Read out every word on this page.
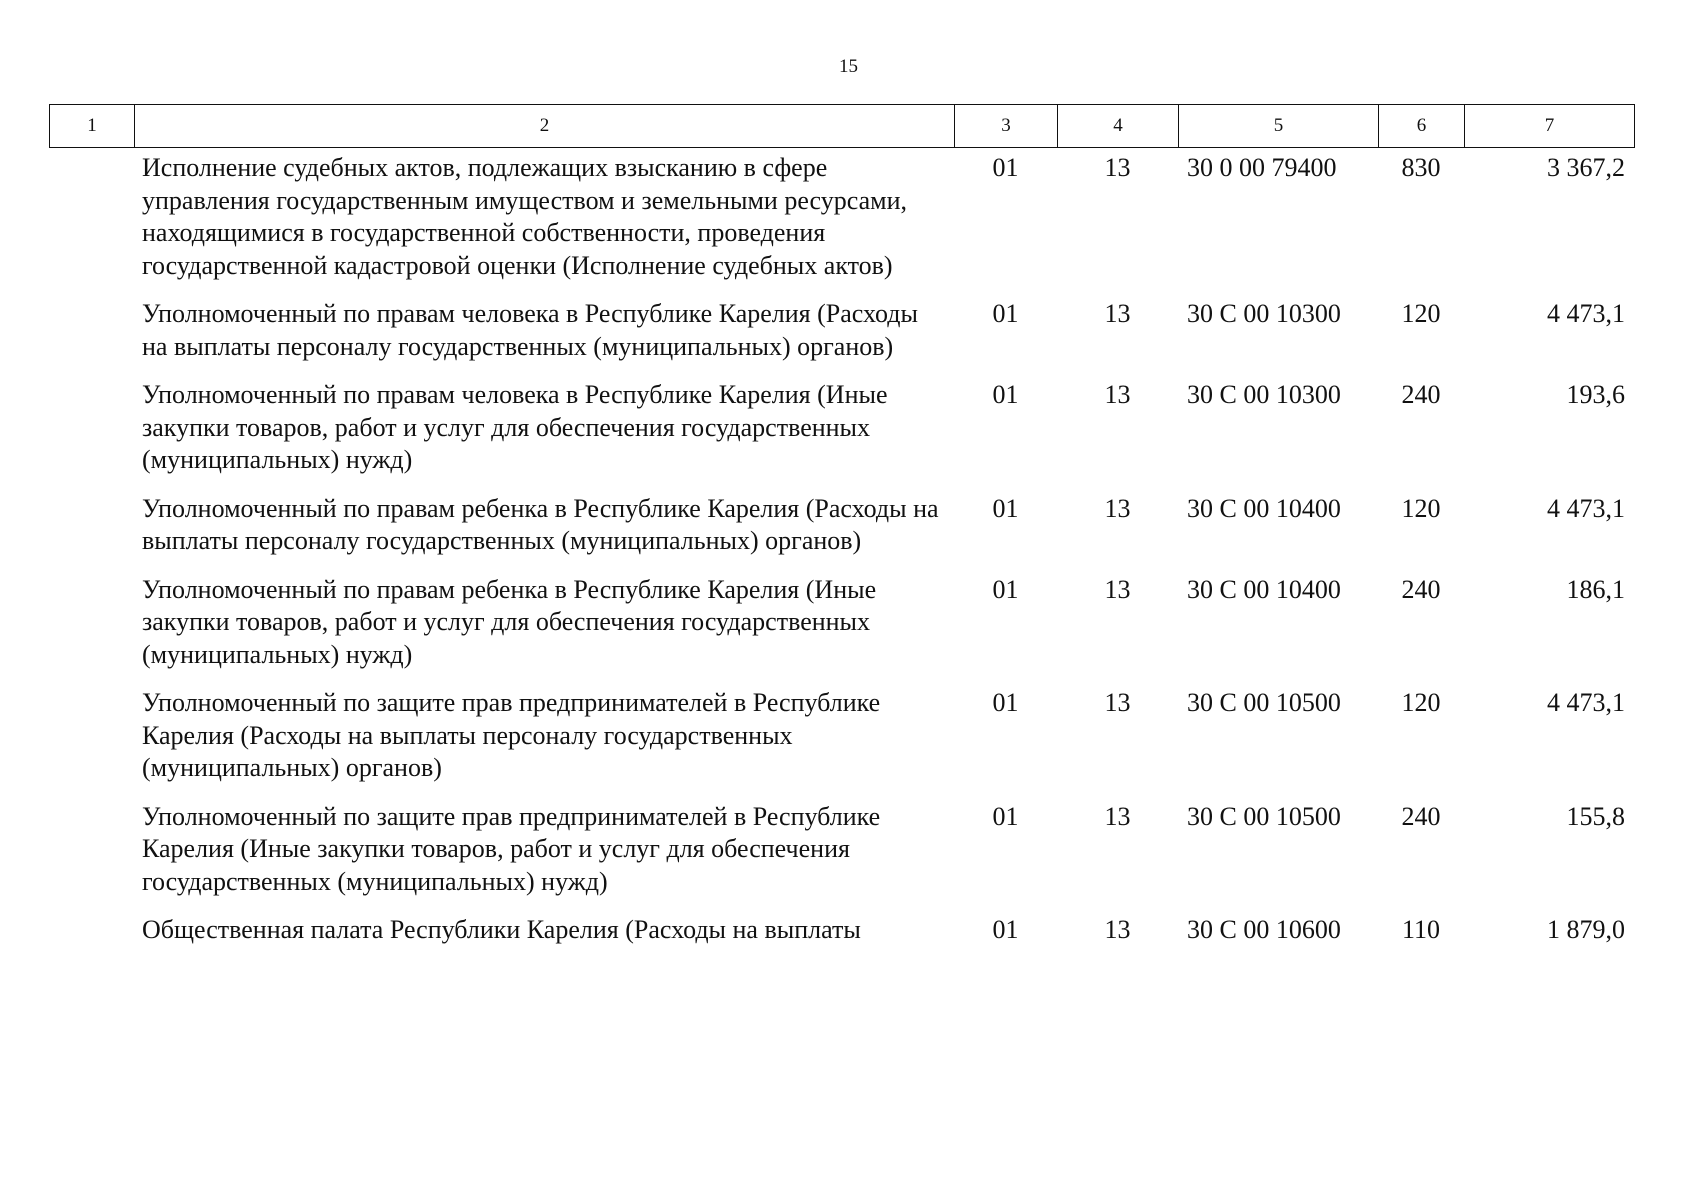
15
1	2	3	4	5	6	7
	Исполнение судебных актов, подлежащих взысканию в сфере управления государственным имуществом и земельными ресурсами, находящимися в государственной собственности, проведения государственной кадастровой оценки (Исполнение судебных актов)	01	13	30 0 00 79400	830	3 367,2
	Уполномоченный по правам человека в Республике Карелия (Расходы на выплаты персоналу государственных (муниципальных) органов)	01	13	30 С 00 10300	120	4 473,1
	Уполномоченный по правам человека в Республике Карелия (Иные закупки товаров, работ и услуг для обеспечения государственных (муниципальных) нужд)	01	13	30 С 00 10300	240	193,6
	Уполномоченный по правам ребенка в Республике Карелия (Расходы на выплаты персоналу государственных (муниципальных) органов)	01	13	30 С 00 10400	120	4 473,1
	Уполномоченный по правам ребенка в Республике Карелия (Иные закупки товаров, работ и услуг для обеспечения государственных (муниципальных) нужд)	01	13	30 С 00 10400	240	186,1
	Уполномоченный по защите прав предпринимателей в Республике Карелия (Расходы на выплаты персоналу государственных (муниципальных) органов)	01	13	30 С 00 10500	120	4 473,1
	Уполномоченный по защите прав предпринимателей в Республике Карелия (Иные закупки товаров, работ и услуг для обеспечения государственных (муниципальных) нужд)	01	13	30 С 00 10500	240	155,8
	Общественная палата Республики Карелия (Расходы на выплаты	01	13	30 С 00 10600	110	1 879,0
